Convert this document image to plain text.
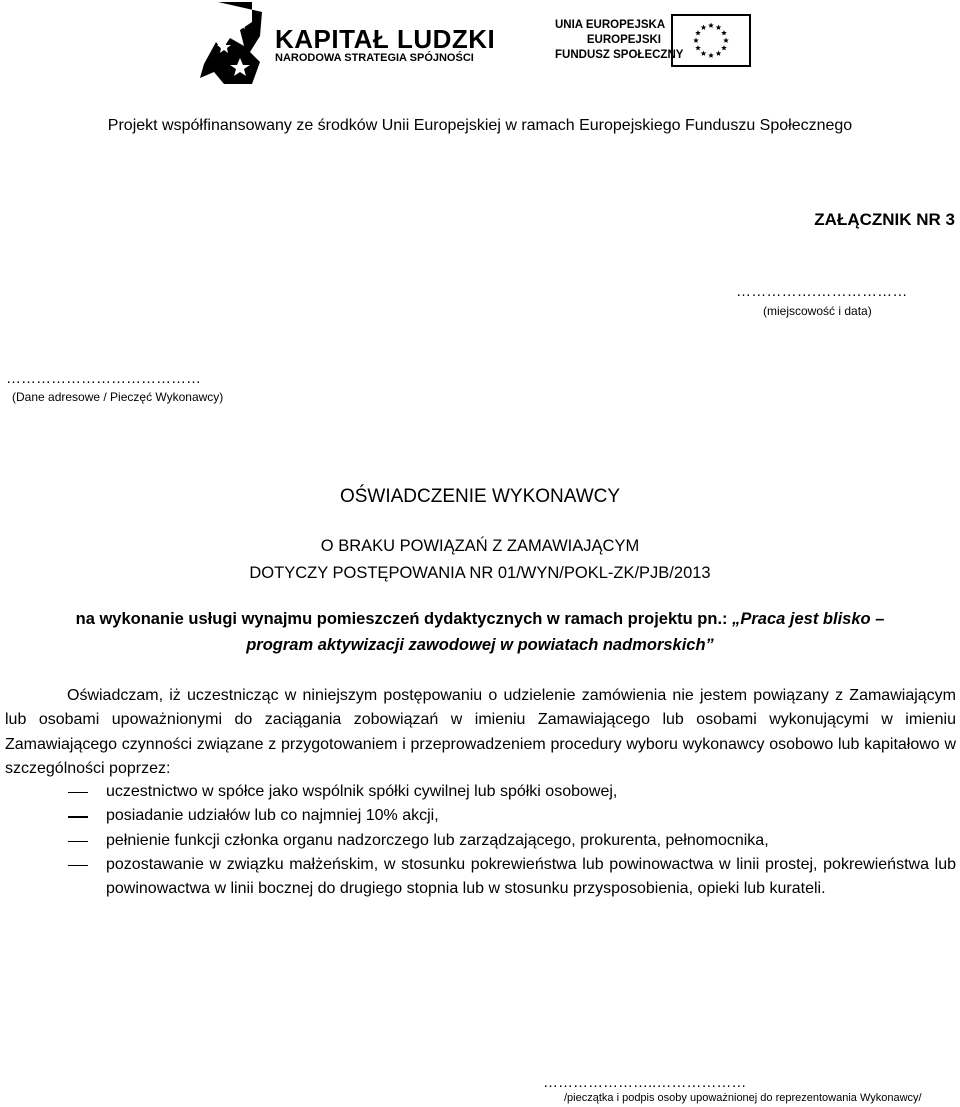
KAPITAŁ LUDZKI
NARODOWA STRATEGIA SPÓJNOŚCI
UNIA EUROPEJSKA
EUROPEJSKI
FUNDUSZ SPOŁECZNY
Projekt współfinansowany ze środków Unii Europejskiej w ramach Europejskiego Funduszu Społecznego
ZAŁĄCZNIK NR 3
…………….………………
(miejscowość i data)
…………………………………
(Dane adresowe / Pieczęć Wykonawcy)
OŚWIADCZENIE WYKONAWCY
O BRAKU POWIĄZAŃ Z ZAMAWIAJĄCYM
DOTYCZY POSTĘPOWANIA NR 01/WYN/POKL-ZK/PJB/2013
na wykonanie usługi wynajmu pomieszczeń dydaktycznych w ramach projektu pn.: „Praca jest blisko –
program aktywizacji zawodowej w powiatach nadmorskich”

Oświadczam, iż uczestnicząc w niniejszym postępowaniu o udzielenie zamówienia nie jestem powiązany z Zamawiającym lub osobami upoważnionymi do zaciągania zobowiązań w imieniu Zamawiającego lub osobami wykonującymi w imieniu Zamawiającego czynności związane z przygotowaniem i przeprowadzeniem procedury wyboru wykonawcy osobowo lub kapitałowo w szczególności poprzez:

uczestnictwo w spółce jako wspólnik spółki cywilnej lub spółki osobowej,
posiadanie udziałów lub co najmniej 10% akcji,
pełnienie funkcji członka organu nadzorczego lub zarządzającego, prokurenta, pełnomocnika,
pozostawanie w związku małżeńskim, w stosunku pokrewieństwa lub powinowactwa w linii prostej, pokrewieństwa lub powinowactwa w linii bocznej do drugiego stopnia lub w stosunku przysposobienia, opieki lub kurateli.
…………………..………………
/pieczątka i podpis osoby upoważnionej do reprezentowania Wykonawcy/
